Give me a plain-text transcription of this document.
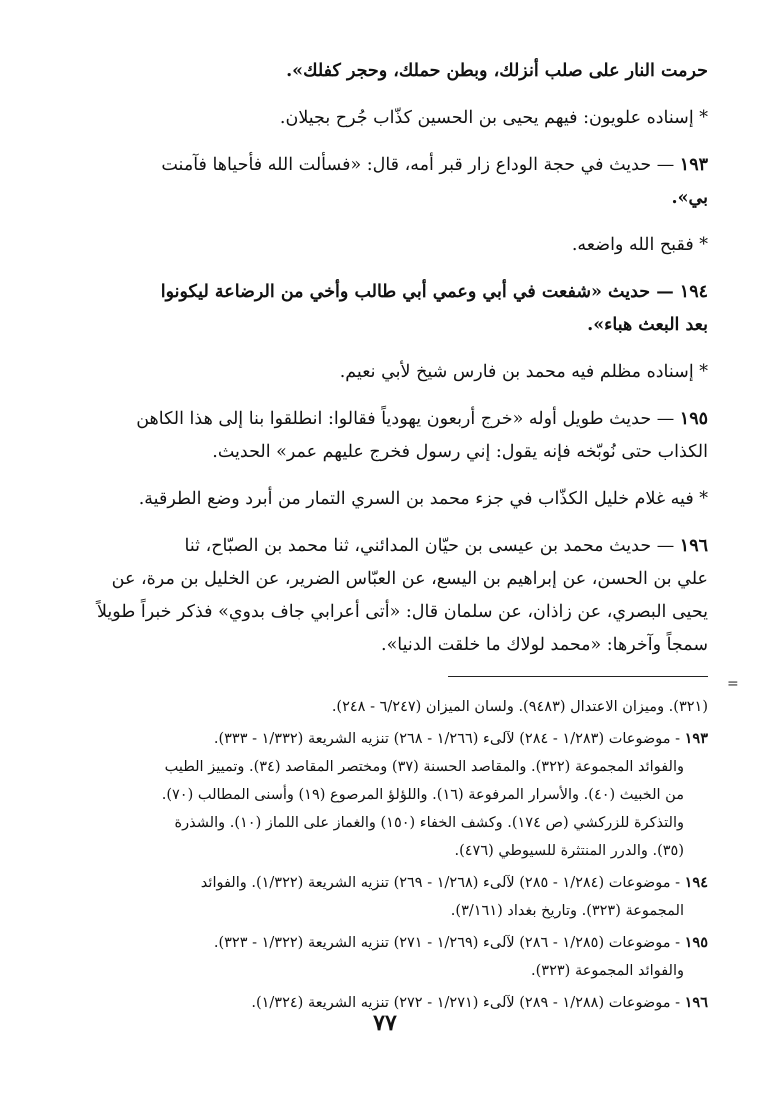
حرمت النار على صلب أنزلك، وبطن حملك، وحجر كفلك».

* إسناده علويون: فيهم يحيى بن الحسين كذّاب جُرح بجيلان.

١٩٣ — حديث في حجة الوداع زار قبر أمه، قال: «فسألت الله فأحياها فآمنت

بي».

* فقبح الله واضعه.

١٩٤ — حديث «شفعت في أبي وعمي أبي طالب وأخي من الرضاعة ليكونوا

بعد البعث هباء».

* إسناده مظلم فيه محمد بن فارس شيخ لأبي نعيم.

١٩٥ — حديث طويل أوله «خرج أربعون يهودياً فقالوا: انطلقوا بنا إلى هذا الكاهن

الكذاب حتى نُوبّخه فإنه يقول: إني رسول فخرج عليهم عمر» الحديث.

* فيه غلام خليل الكذّاب في جزء محمد بن السري التمار من أبرد وضع الطرقية.

١٩٦ — حديث محمد بن عيسى بن حيّان المدائني، ثنا محمد بن الصبّاح، ثنا

علي بن الحسن، عن إبراهيم بن اليسع، عن العبّاس الضرير، عن الخليل بن مرة، عن

يحيى البصري، عن زاذان، عن سلمان قال: «أتى أعرابي جاف بدوي» فذكر خبراً طويلاً

سمجاً وآخرها: «محمد لولاك ما خلقت الدنيا».

(٣٢١). وميزان الاعتدال (٩٤٨٣). ولسان الميزان (٦/٢٤٧ - ٢٤٨).

١٩٣ - موضوعات (١/٢٨٣ - ٢٨٤) لآلىء (١/٢٦٦ - ٢٦٨) تنزيه الشريعة (١/٣٣٢ - ٣٣٣).

والفوائد المجموعة (٣٢٢). والمقاصد الحسنة (٣٧) ومختصر المقاصد (٣٤). وتمييز الطيب

من الخبيث (٤٠). والأسرار المرفوعة (١٦). واللؤلؤ المرصوع (١٩) وأسنى المطالب (٧٠).

والتذكرة للزركشي (ص ١٧٤). وكشف الخفاء (١٥٠) والغماز على اللماز (١٠). والشذرة

(٣٥). والدرر المنتثرة للسيوطي (٤٧٦).

١٩٤ - موضوعات (١/٢٨٤ - ٢٨٥) لآلىء (١/٢٦٨ - ٢٦٩) تنزيه الشريعة (١/٣٢٢). والفوائد

المجموعة (٣٢٣). وتاريخ بغداد (٣/١٦١).

١٩٥ - موضوعات (١/٢٨٥ - ٢٨٦) لآلىء (١/٢٦٩ - ٢٧١) تنزيه الشريعة (١/٣٢٢ - ٣٢٣).

والفوائد المجموعة (٣٢٣).

١٩٦ - موضوعات (١/٢٨٨ - ٢٨٩) لآلىء (١/٢٧١ - ٢٧٢) تنزيه الشريعة (١/٣٢٤).

=
٧٧
